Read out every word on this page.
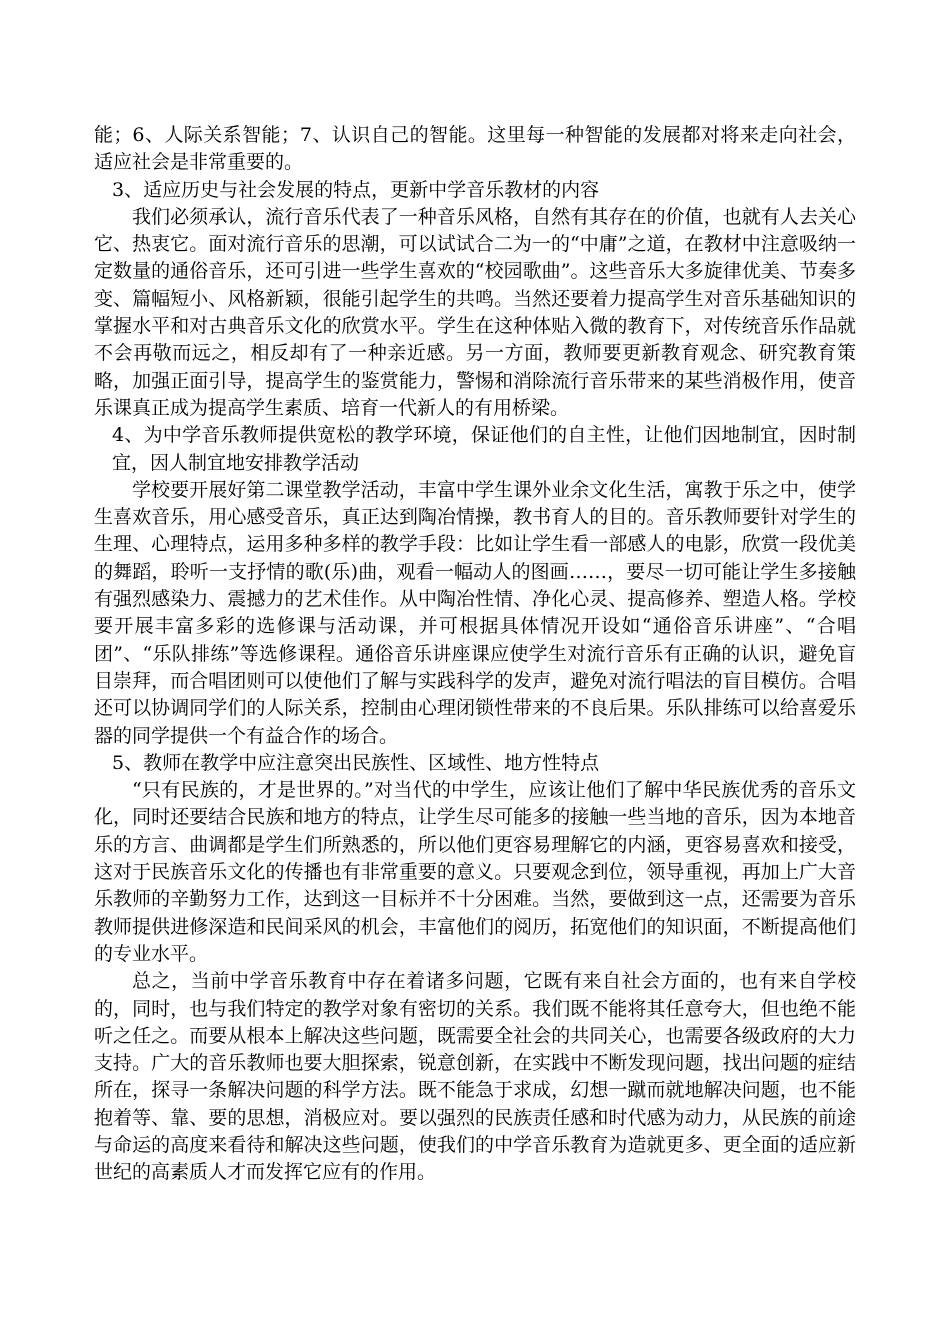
能；6、人际关系智能；7、认识自己的智能。这里每一种智能的发展都对将来走向社会，适应社会是非常重要的。

3、适应历史与社会发展的特点，更新中学音乐教材的内容

我们必须承认，流行音乐代表了一种音乐风格，自然有其存在的价值，也就有人去关心它、热衷它。面对流行音乐的思潮，可以试试合二为一的“中庸”之道，在教材中注意吸纳一定数量的通俗音乐，还可引进一些学生喜欢的“校园歌曲”。这些音乐大多旋律优美、节奏多变、篇幅短小、风格新颖，很能引起学生的共鸣。当然还要着力提高学生对音乐基础知识的掌握水平和对古典音乐文化的欣赏水平。学生在这种体贴入微的教育下，对传统音乐作品就不会再敬而远之，相反却有了一种亲近感。另一方面，教师要更新教育观念、研究教育策略，加强正面引导，提高学生的鉴赏能力，警惕和消除流行音乐带来的某些消极作用，使音乐课真正成为提高学生素质、培育一代新人的有用桥梁。

4、为中学音乐教师提供宽松的教学环境，保证他们的自主性，让他们因地制宜，因时制宜，因人制宜地安排教学活动

学校要开展好第二课堂教学活动，丰富中学生课外业余文化生活，寓教于乐之中，使学生喜欢音乐，用心感受音乐，真正达到陶冶情操，教书育人的目的。音乐教师要针对学生的生理、心理特点，运用多种多样的教学手段：比如让学生看一部感人的电影，欣赏一段优美的舞蹈，聆听一支抒情的歌(乐)曲，观看一幅动人的图画……，要尽一切可能让学生多接触有强烈感染力、震撼力的艺术佳作。从中陶冶性情、净化心灵、提高修养、塑造人格。学校要开展丰富多彩的选修课与活动课，并可根据具体情况开设如“通俗音乐讲座”、“合唱团”、“乐队排练”等选修课程。通俗音乐讲座课应使学生对流行音乐有正确的认识，避免盲目崇拜，而合唱团则可以使他们了解与实践科学的发声，避免对流行唱法的盲目模仿。合唱还可以协调同学们的人际关系，控制由心理闭锁性带来的不良后果。乐队排练可以给喜爱乐器的同学提供一个有益合作的场合。

5、教师在教学中应注意突出民族性、区域性、地方性特点

“只有民族的，才是世界的。”对当代的中学生，应该让他们了解中华民族优秀的音乐文化，同时还要结合民族和地方的特点，让学生尽可能多的接触一些当地的音乐，因为本地音乐的方言、曲调都是学生们所熟悉的，所以他们更容易理解它的内涵，更容易喜欢和接受，这对于民族音乐文化的传播也有非常重要的意义。只要观念到位，领导重视，再加上广大音乐教师的辛勤努力工作，达到这一目标并不十分困难。当然，要做到这一点，还需要为音乐教师提供进修深造和民间采风的机会，丰富他们的阅历，拓宽他们的知识面，不断提高他们的专业水平。

总之，当前中学音乐教育中存在着诸多问题，它既有来自社会方面的，也有来自学校的，同时，也与我们特定的教学对象有密切的关系。我们既不能将其任意夸大，但也绝不能听之任之。而要从根本上解决这些问题，既需要全社会的共同关心，也需要各级政府的大力支持。广大的音乐教师也要大胆探索，锐意创新，在实践中不断发现问题，找出问题的症结所在，探寻一条解决问题的科学方法。既不能急于求成，幻想一蹴而就地解决问题，也不能抱着等、靠、要的思想，消极应对。要以强烈的民族责任感和时代感为动力，从民族的前途与命运的高度来看待和解决这些问题，使我们的中学音乐教育为造就更多、更全面的适应新世纪的高素质人才而发挥它应有的作用。
